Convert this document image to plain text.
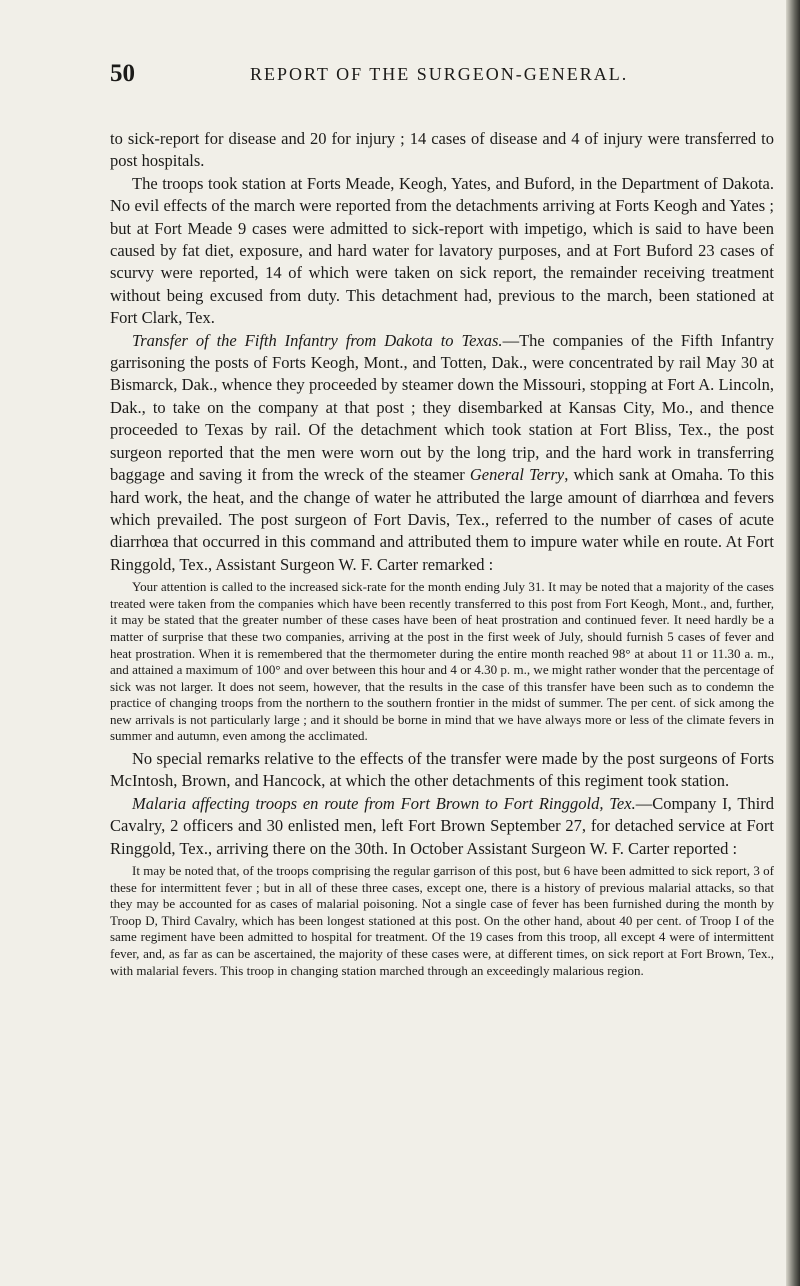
50	REPORT OF THE SURGEON-GENERAL.

to sick-report for disease and 20 for injury ; 14 cases of disease and 4 of injury were transferred to post hospitals.

The troops took station at Forts Meade, Keogh, Yates, and Buford, in the Department of Dakota. No evil effects of the march were reported from the detachments arriving at Forts Keogh and Yates ; but at Fort Meade 9 cases were admitted to sick-report with impetigo, which is said to have been caused by fat diet, exposure, and hard water for lavatory purposes, and at Fort Buford 23 cases of scurvy were reported, 14 of which were taken on sick report, the remainder receiving treatment without being excused from duty. This detachment had, previous to the march, been stationed at Fort Clark, Tex.

Transfer of the Fifth Infantry from Dakota to Texas.—The companies of the Fifth Infantry garrisoning the posts of Forts Keogh, Mont., and Totten, Dak., were concentrated by rail May 30 at Bismarck, Dak., whence they proceeded by steamer down the Missouri, stopping at Fort A. Lincoln, Dak., to take on the company at that post ; they disembarked at Kansas City, Mo., and thence proceeded to Texas by rail. Of the detachment which took station at Fort Bliss, Tex., the post surgeon reported that the men were worn out by the long trip, and the hard work in transferring baggage and saving it from the wreck of the steamer General Terry, which sank at Omaha. To this hard work, the heat, and the change of water he attributed the large amount of diarrhœa and fevers which prevailed. The post surgeon of Fort Davis, Tex., referred to the number of cases of acute diarrhœa that occurred in this command and attributed them to impure water while en route. At Fort Ringgold, Tex., Assistant Surgeon W. F. Carter remarked :

Your attention is called to the increased sick-rate for the month ending July 31. It may be noted that a majority of the cases treated were taken from the companies which have been recently transferred to this post from Fort Keogh, Mont., and, further, it may be stated that the greater number of these cases have been of heat prostration and continued fever. It need hardly be a matter of surprise that these two companies, arriving at the post in the first week of July, should furnish 5 cases of fever and heat prostration. When it is remembered that the thermometer during the entire month reached 98° at about 11 or 11.30 a. m., and attained a maximum of 100° and over between this hour and 4 or 4.30 p. m., we might rather wonder that the percentage of sick was not larger. It does not seem, however, that the results in the case of this transfer have been such as to condemn the practice of changing troops from the northern to the southern frontier in the midst of summer. The per cent. of sick among the new arrivals is not particularly large ; and it should be borne in mind that we have always more or less of the climate fevers in summer and autumn, even among the acclimated.

No special remarks relative to the effects of the transfer were made by the post surgeons of Forts McIntosh, Brown, and Hancock, at which the other detachments of this regiment took station.

Malaria affecting troops en route from Fort Brown to Fort Ringgold, Tex.—Company I, Third Cavalry, 2 officers and 30 enlisted men, left Fort Brown September 27, for detached service at Fort Ringgold, Tex., arriving there on the 30th. In October Assistant Surgeon W. F. Carter reported :

It may be noted that, of the troops comprising the regular garrison of this post, but 6 have been admitted to sick report, 3 of these for intermittent fever ; but in all of these three cases, except one, there is a history of previous malarial attacks, so that they may be accounted for as cases of malarial poisoning. Not a single case of fever has been furnished during the month by Troop D, Third Cavalry, which has been longest stationed at this post. On the other hand, about 40 per cent. of Troop I of the same regiment have been admitted to hospital for treatment. Of the 19 cases from this troop, all except 4 were of intermittent fever, and, as far as can be ascertained, the majority of these cases were, at different times, on sick report at Fort Brown, Tex., with malarial fevers. This troop in changing station marched through an exceedingly malarious region.
